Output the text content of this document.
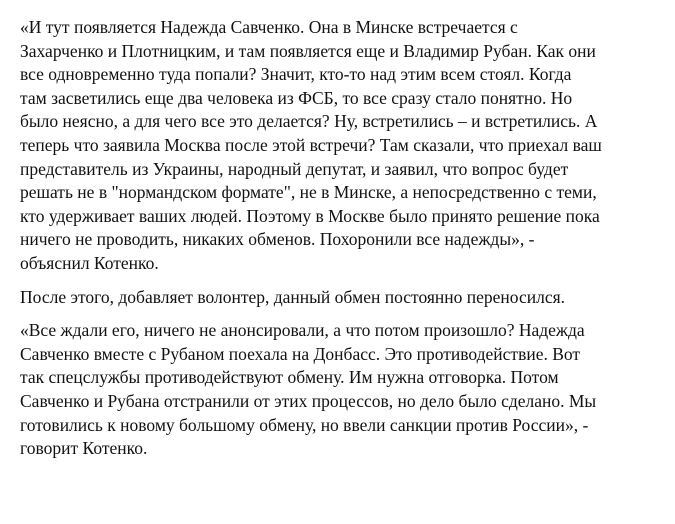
«И тут появляется Надежда Савченко. Она в Минске встречается с
Захарченко и Плотницким, и там появляется еще и Владимир Рубан. Как они
все одновременно туда попали? Значит, кто-то над этим всем стоял. Когда
там засветились еще два человека из ФСБ, то все сразу стало понятно. Но
было неясно, а для чего все это делается? Ну, встретились – и встретились. А
теперь что заявила Москва после этой встречи? Там сказали, что приехал ваш
представитель из Украины, народный депутат, и заявил, что вопрос будет
решать не в "нормандском формате", не в Минске, а непосредственно с теми,
кто удерживает ваших людей. Поэтому в Москве было принято решение пока
ничего не проводить, никаких обменов. Похоронили все надежды», -
объяснил Котенко.

После этого, добавляет волонтер, данный обмен постоянно переносился.

«Все ждали его, ничего не анонсировали, а что потом произошло? Надежда
Савченко вместе с Рубаном поехала на Донбасс. Это противодействие. Вот
так спецслужбы противодействуют обмену. Им нужна отговорка. Потом
Савченко и Рубана отстранили от этих процессов, но дело было сделано. Мы
готовились к новому большому обмену, но ввели санкции против России», -
говорит Котенко.
